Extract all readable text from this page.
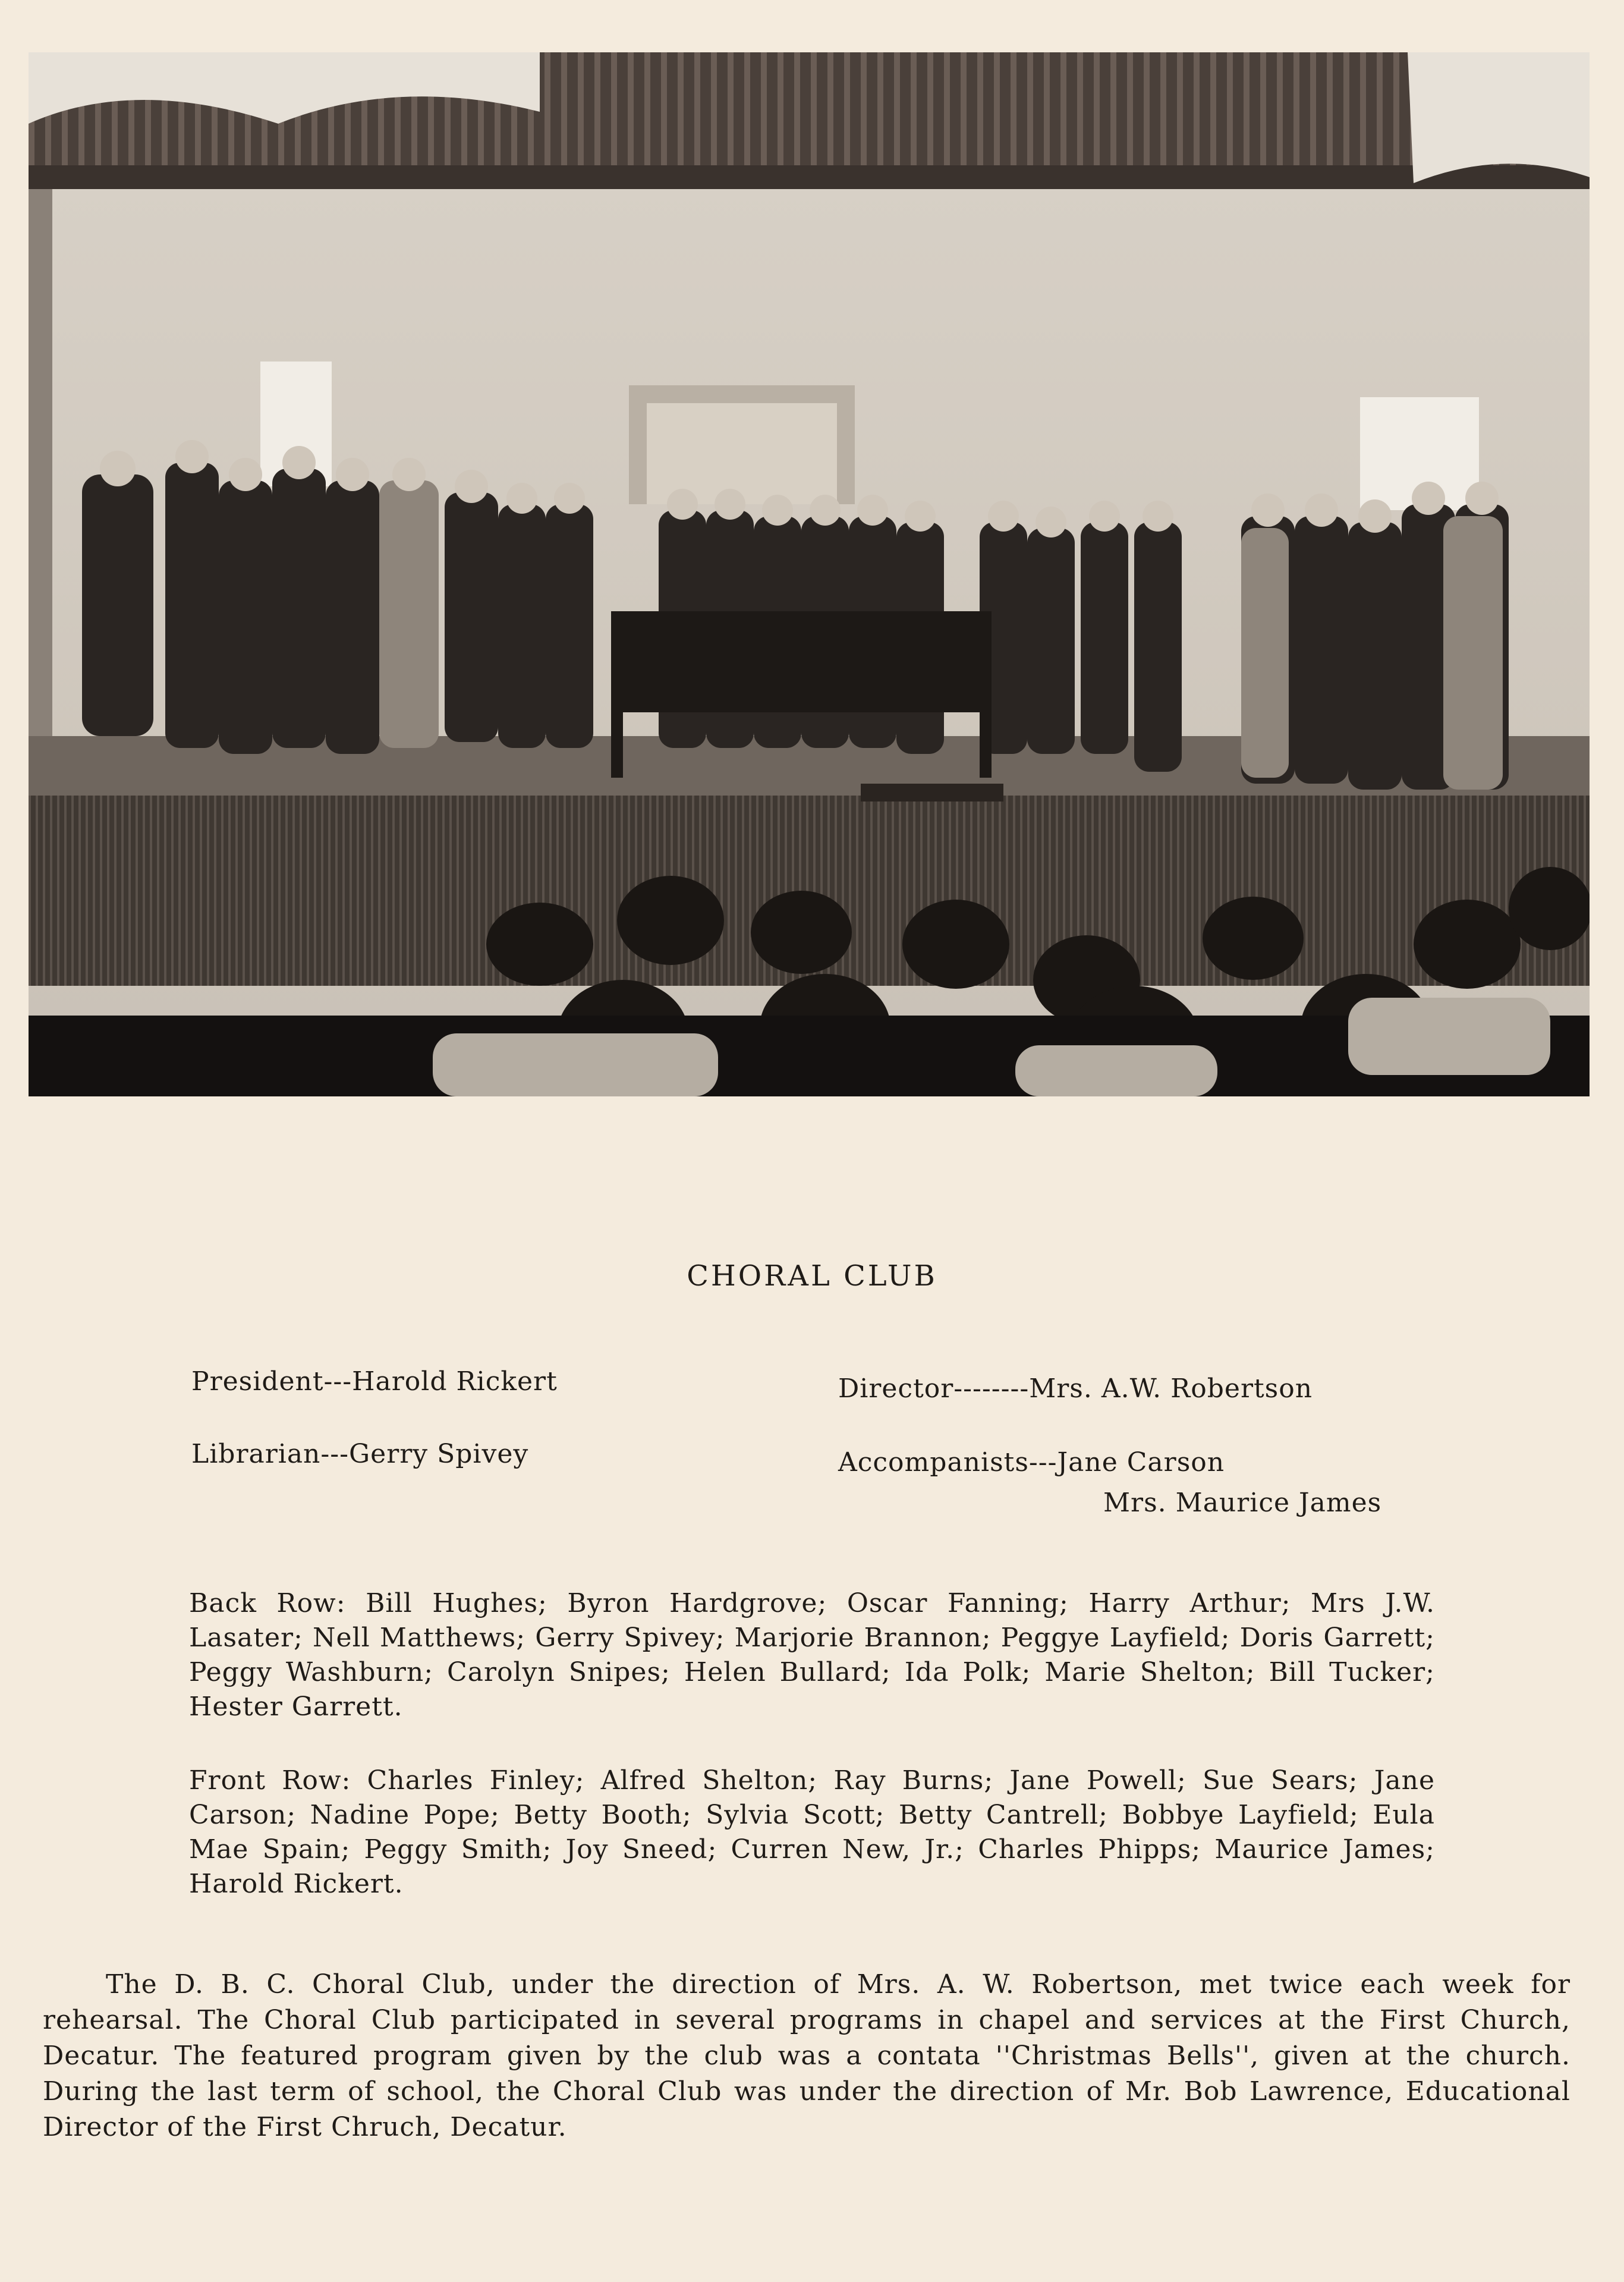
CHORAL CLUB
President---Harold Rickert	Director--------Mrs. A.W. Robertson
Librarian---Gerry Spivey	Accompanists---Jane Carson
Mrs. Maurice James
Back Row: Bill Hughes; Byron Hardgrove; Oscar Fanning; Harry Arthur; Mrs J.W. Lasater; Nell Matthews; Gerry Spivey; Marjorie Brannon; Peggye Layfield; Doris Garrett; Peggy Washburn; Carolyn Snipes; Helen Bullard; Ida Polk; Marie Shelton; Bill Tucker; Hester Garrett.
Front Row: Charles Finley; Alfred Shelton; Ray Burns; Jane Powell; Sue Sears; Jane Carson; Nadine Pope; Betty Booth; Sylvia Scott; Betty Cantrell; Bobbye Layfield; Eula Mae Spain; Peggy Smith; Joy Sneed; Curren New, Jr.; Charles Phipps; Maurice James; Harold Rickert.
The D. B. C. Choral Club, under the direction of Mrs. A. W. Robertson, met twice each week for rehearsal. The Choral Club participated in several programs in chapel and services at the First Church, Decatur. The featured program given by the club was a contata ''Christmas Bells'', given at the church. During the last term of school, the Choral Club was under the direction of Mr. Bob Lawrence, Educational Director of the First Chruch, Decatur.
